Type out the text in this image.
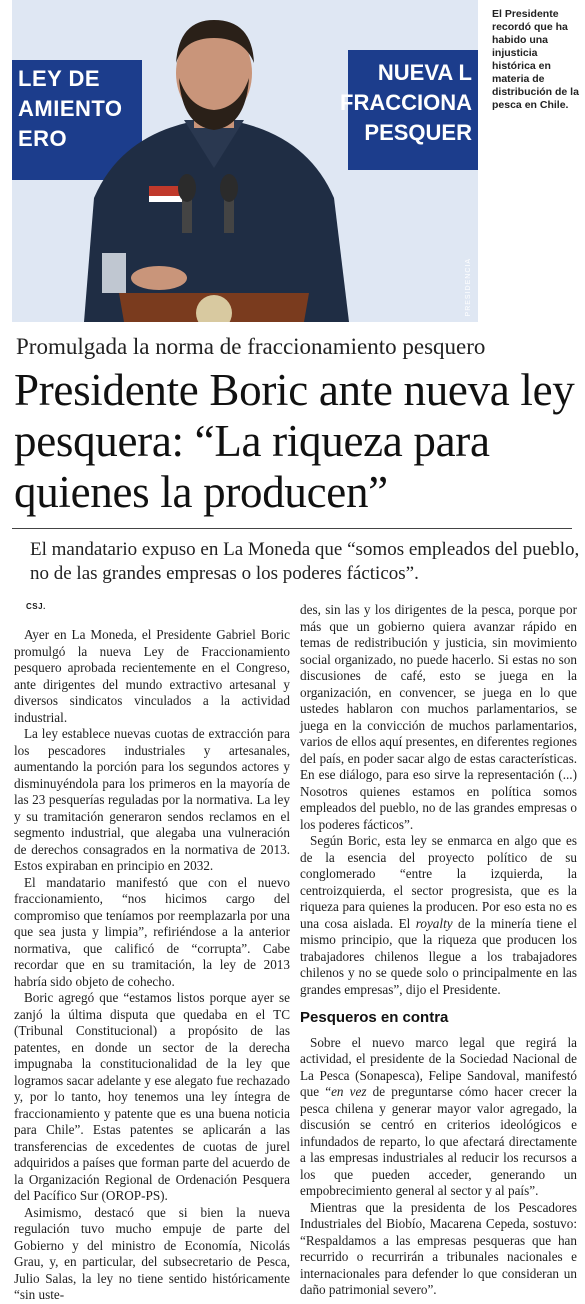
LEY DE
AMIENTO
ERO
NUEVA L
FRACCIONA
PESQUER
PRESIDENCIA
El Presidente recordó que ha habido una injusticia histórica en materia de distribución de la pesca en Chile.
Promulgada la norma de fraccionamiento pesquero
Presidente Boric ante nueva ley pesquera: “La riqueza para quienes la producen”
El mandatario expuso en La Moneda que “somos empleados del pueblo, no de las grandes empresas o los poderes fácticos”.
CSJ.

Ayer en La Moneda, el Presidente Gabriel Boric promulgó la nueva Ley de Fraccionamiento pesquero aprobada recientemente en el Congreso, ante dirigentes del mundo extractivo artesanal y diversos sindicatos vinculados a la actividad industrial.

La ley establece nuevas cuotas de extracción para los pescadores industriales y artesanales, aumentando la porción para los segundos actores y disminuyéndola para los primeros en la mayoría de las 23 pesquerías reguladas por la normativa. La ley y su tramitación generaron sendos reclamos en el segmento industrial, que alegaba una vulneración de derechos consagrados en la normativa de 2013. Estos expiraban en principio en 2032.

El mandatario manifestó que con el nuevo fraccionamiento, “nos hicimos cargo del compromiso que teníamos por reemplazarla por una que sea justa y limpia”, refiriéndose a la anterior normativa, que calificó de “corrupta”. Cabe recordar que en su tramitación, la ley de 2013 habría sido objeto de cohecho.

Boric agregó que “estamos listos porque ayer se zanjó la última disputa que quedaba en el TC (Tribunal Constitucional) a propósito de las patentes, en donde un sector de la derecha impugnaba la constitucionalidad de la ley que logramos sacar adelante y ese alegato fue rechazado y, por lo tanto, hoy tenemos una ley íntegra de fraccionamiento y patente que es una buena noticia para Chile”. Estas patentes se aplicarán a las transferencias de excedentes de cuotas de jurel adquiridos a países que forman parte del acuerdo de la Organización Regional de Ordenación Pesquera del Pacífico Sur (OROP-PS).

Asimismo, destacó que si bien la nueva regulación tuvo mucho empuje de parte del Gobierno y del ministro de Economía, Nicolás Grau, y, en particular, del subsecretario de Pesca, Julio Salas, la ley no tiene sentido históricamente “sin uste-

des, sin las y los dirigentes de la pesca, porque por más que un gobierno quiera avanzar rápido en temas de redistribución y justicia, sin movimiento social organizado, no puede hacerlo. Si estas no son discusiones de café, esto se juega en la organización, en convencer, se juega en lo que ustedes hablaron con muchos parlamentarios, se juega en la convicción de muchos parlamentarios, varios de ellos aquí presentes, en diferentes regiones del país, en poder sacar algo de estas características. En ese diálogo, para eso sirve la representación (...) Nosotros quienes estamos en política somos empleados del pueblo, no de las grandes empresas o los poderes fácticos”.

Según Boric, esta ley se enmarca en algo que es de la esencia del proyecto político de su conglomerado “entre la izquierda, la centroizquierda, el sector progresista, que es la riqueza para quienes la producen. Por eso esta no es una cosa aislada. El royalty de la minería tiene el mismo principio, que la riqueza que producen los trabajadores chilenos llegue a los trabajadores chilenos y no se quede solo o principalmente en las grandes empresas”, dijo el Presidente.

Pesqueros en contra

Sobre el nuevo marco legal que regirá la actividad, el presidente de la Sociedad Nacional de La Pesca (Sonapesca), Felipe Sandoval, manifestó que “en vez de preguntarse cómo hacer crecer la pesca chilena y generar mayor valor agregado, la discusión se centró en criterios ideológicos e infundados de reparto, lo que afectará directamente a las empresas industriales al reducir los recursos a los que pueden acceder, generando un empobrecimiento general al sector y al país”.

Mientras que la presidenta de los Pescadores Industriales del Biobío, Macarena Cepeda, sostuvo: “Respaldamos a las empresas pesqueras que han recurrido o recurrirán a tribunales nacionales e internacionales para defender lo que consideran un daño patrimonial severo”.
